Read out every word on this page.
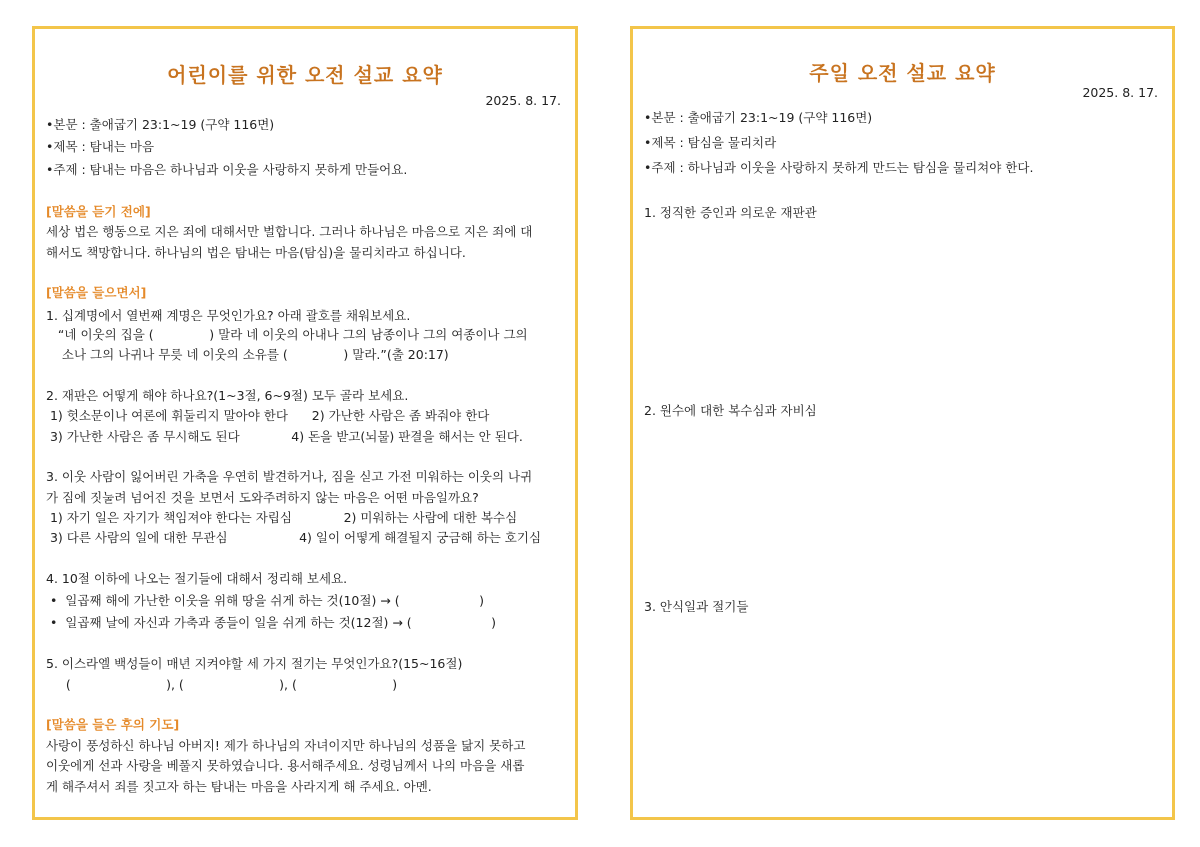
어린이를 위한 오전 설교 요약
2025. 8. 17.
•본문 : 출애굽기 23:1~19 (구약 116면)
•제목 : 탐내는 마음
•주제 : 탐내는 마음은 하나님과 이웃을 사랑하지 못하게 만들어요.
[말씀을 듣기 전에]
세상 법은 행동으로 지은 죄에 대해서만 벌합니다. 그러나 하나님은 마음으로 지은 죄에 대
해서도 책망합니다. 하나님의 법은 탐내는 마음(탐심)을 물리치라고 하십니다.
[말씀을 들으면서]
1. 십계명에서 열번째 계명은 무엇인가요? 아래 괄호를 채워보세요.
“네 이웃의 집을 (              ) 말라 네 이웃의 아내나 그의 남종이나 그의 여종이나 그의
소나 그의 나귀나 무릇 네 이웃의 소유를 (              ) 말라.”(출 20:17)
2. 재판은 어떻게 해야 하나요?(1~3절, 6~9절) 모두 골라 보세요.
1) 헛소문이나 여론에 휘둘리지 말아야 한다      2) 가난한 사람은 좀 봐줘야 한다
3) 가난한 사람은 좀 무시해도 된다             4) 돈을 받고(뇌물) 판결을 해서는 안 된다.
3. 이웃 사람이 잃어버린 가축을 우연히 발견하거나, 짐을 싣고 가전 미워하는 이웃의 나귀
가 짐에 짓눌려 넘어진 것을 보면서 도와주려하지 않는 마음은 어떤 마음일까요?
1) 자기 일은 자기가 책임져야 한다는 자립심             2) 미워하는 사람에 대한 복수심
3) 다른 사람의 일에 대한 무관심                  4) 일이 어떻게 해결될지 궁금해 하는 호기심
4. 10절 이하에 나오는 절기들에 대해서 정리해 보세요.
•  일곱째 해에 가난한 이웃을 위해 땅을 쉬게 하는 것(10절) → (                    )
•  일곱째 날에 자신과 가축과 종들이 일을 쉬게 하는 것(12절) → (                    )
5. 이스라엘 백성들이 매년 지켜야할 세 가지 절기는 무엇인가요?(15~16절)
(                        ), (                        ), (                        )
[말씀을 들은 후의 기도]
사랑이 풍성하신 하나님 아버지! 제가 하나님의 자녀이지만 하나님의 성품을 닮지 못하고
이웃에게 선과 사랑을 베풀지 못하였습니다. 용서해주세요. 성령님께서 나의 마음을 새롭
게 해주셔서 죄를 짓고자 하는 탐내는 마음을 사라지게 해 주세요. 아멘.
주일 오전 설교 요약
2025. 8. 17.
•본문 : 출애굽기 23:1~19 (구약 116면)
•제목 : 탐심을 물리치라
•주제 : 하나님과 이웃을 사랑하지 못하게 만드는 탐심을 물리쳐야 한다.
1. 정직한 증인과 의로운 재판관
2. 원수에 대한 복수심과 자비심
3. 안식일과 절기들
